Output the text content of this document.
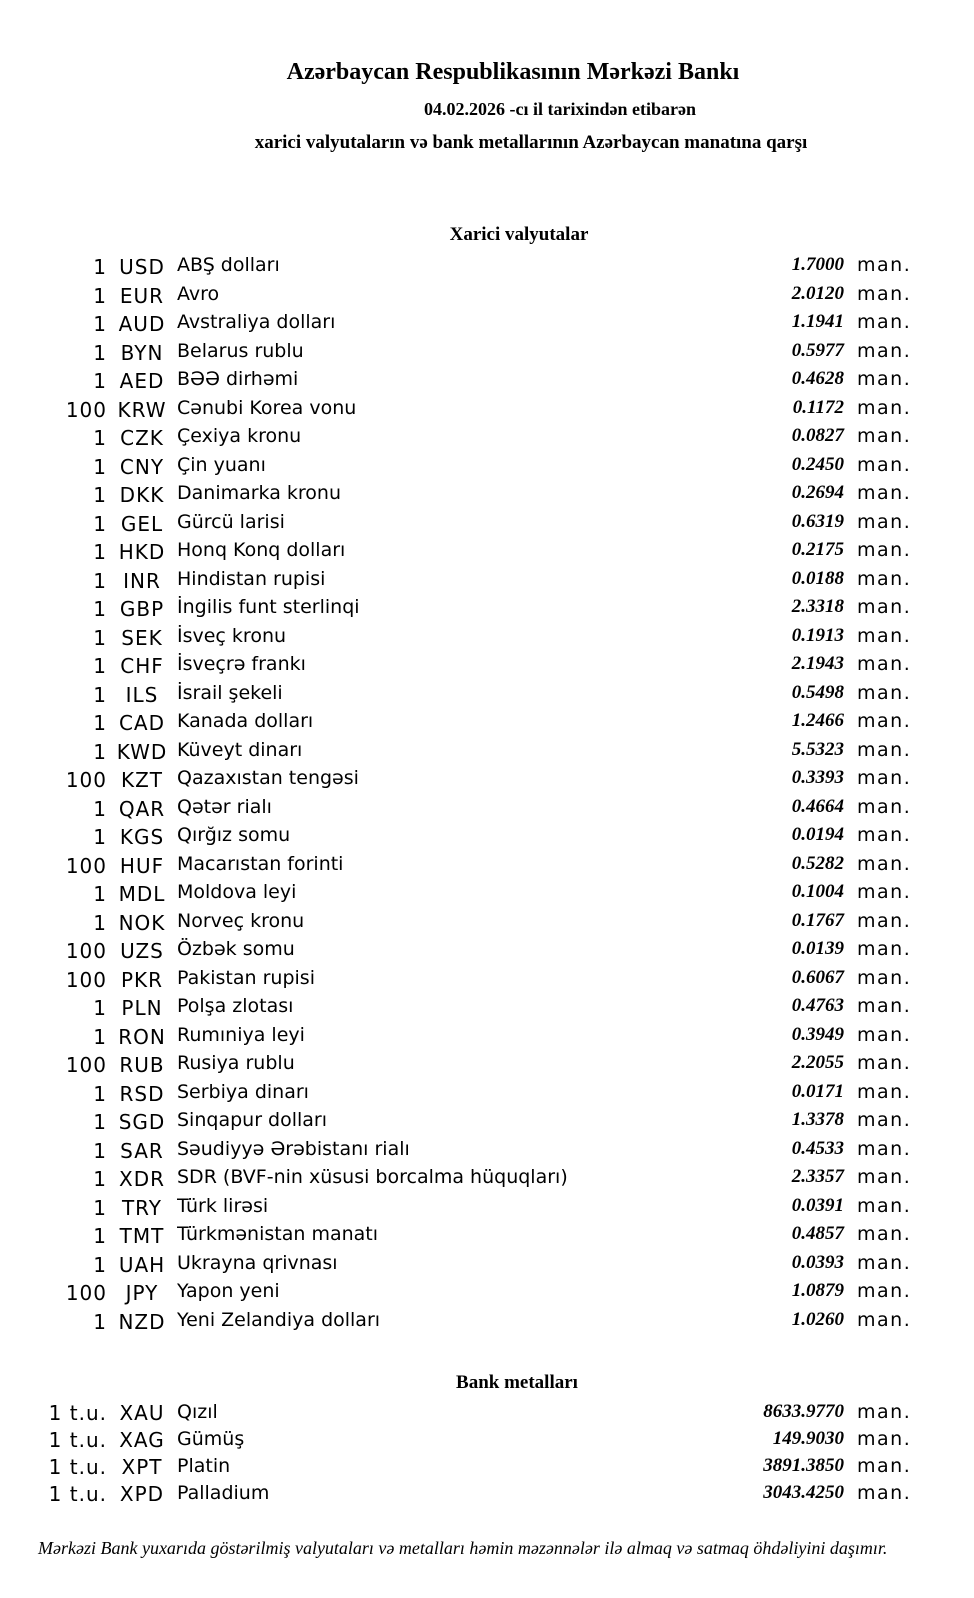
Azərbaycan Respublikasının Mərkəzi Bankı
04.02.2026 -cı il tarixindən etibarən
xarici valyutaların və bank metallarının Azərbaycan manatına qarşı
Xarici valyutalar
1 USD ABŞ dolları	1.7000 man.
1 EUR Avro	2.0120 man.
1 AUD Avstraliya dolları	1.1941 man.
1 BYN Belarus rublu	0.5977 man.
1 AED BƏƏ dirhəmi	0.4628 man.
100 KRW Cənubi Korea vonu	0.1172 man.
1 CZK Çexiya kronu	0.0827 man.
1 CNY Çin yuanı	0.2450 man.
1 DKK Danimarka kronu	0.2694 man.
1 GEL Gürcü larisi	0.6319 man.
1 HKD Honq Konq dolları	0.2175 man.
1 INR Hindistan rupisi	0.0188 man.
1 GBP İngilis funt sterlinqi	2.3318 man.
1 SEK İsveç kronu	0.1913 man.
1 CHF İsveçrə frankı	2.1943 man.
1 ILS İsrail şekeli	0.5498 man.
1 CAD Kanada dolları	1.2466 man.
1 KWD Küveyt dinarı	5.5323 man.
100 KZT Qazaxıstan tengəsi	0.3393 man.
1 QAR Qətər rialı	0.4664 man.
1 KGS Qırğız somu	0.0194 man.
100 HUF Macarıstan forinti	0.5282 man.
1 MDL Moldova leyi	0.1004 man.
1 NOK Norveç kronu	0.1767 man.
100 UZS Özbək somu	0.0139 man.
100 PKR Pakistan rupisi	0.6067 man.
1 PLN Polşa zlotası	0.4763 man.
1 RON Rumıniya leyi	0.3949 man.
100 RUB Rusiya rublu	2.2055 man.
1 RSD Serbiya dinarı	0.0171 man.
1 SGD Sinqapur dolları	1.3378 man.
1 SAR Səudiyyə Ərəbistanı rialı	0.4533 man.
1 XDR SDR (BVF-nin xüsusi borcalma hüquqları)	2.3357 man.
1 TRY Türk lirəsi	0.0391 man.
1 TMT Türkmənistan manatı	0.4857 man.
1 UAH Ukrayna qrivnası	0.0393 man.
100 JPY Yapon yeni	1.0879 man.
1 NZD Yeni Zelandiya dolları	1.0260 man.
Bank metalları
1 t.u. XAU Qızıl	8633.9770 man.
1 t.u. XAG Gümüş	149.9030 man.
1 t.u. XPT Platin	3891.3850 man.
1 t.u. XPD Palladium	3043.4250 man.
Mərkəzi Bank yuxarıda göstərilmiş valyutaları və metalları həmin məzənnələr ilə almaq və satmaq öhdəliyini daşımır.
